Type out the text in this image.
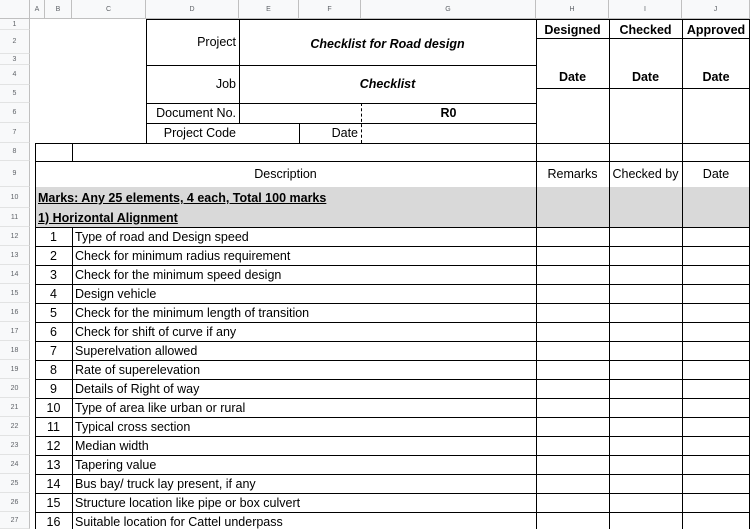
A	B	C	D	E	F	G	H	I	J
1
2
3
4
5
6
7
8
9
10
11
12
13
14
15
16
17
18
19
20
21
22
23
24
25
26
27
Project	Checklist for Road design
Job	Checklist
Document No.	R0
Project Code	Date
Designed	Checked	Approved
Date	Date	Date
Description	Remarks	Checked by	Date
Marks: Any 25 elements, 4 each, Total 100 marks
1) Horizontal Alignment
1	Type of road and Design speed
2	Check for minimum radius requirement
3	Check for the minimum speed design
4	Design vehicle
5	Check for the minimum length of transition
6	Check for shift of curve if any
7	Superelvation allowed
8	Rate of superelevation
9	Details of Right of way
10	Type of area like urban or rural
11	Typical cross section
12	Median width
13	Tapering value
14	Bus bay/ truck lay present, if any
15	Structure location like pipe or box culvert
16	Suitable location for Cattel underpass
